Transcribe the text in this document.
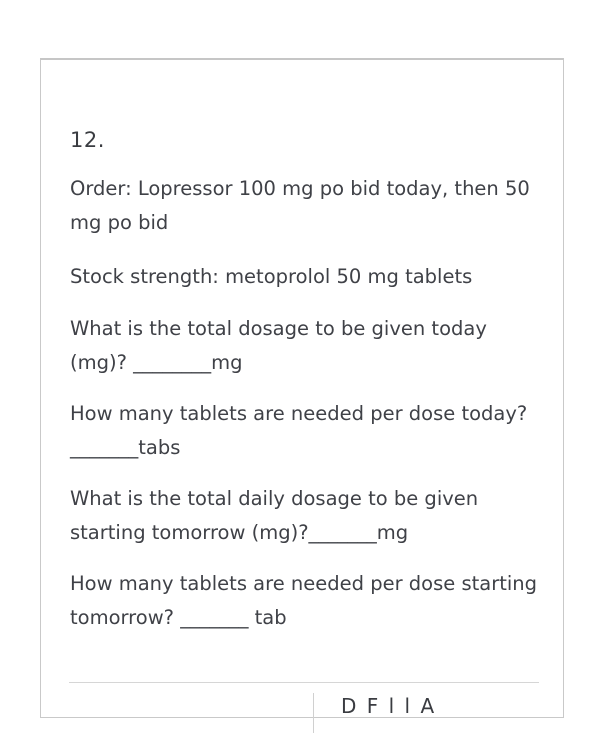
12.
Order: Lopressor 100 mg po bid today, then 50 mg po bid
Stock strength: metoprolol 50 mg tablets
What is the total dosage to be given today (mg)? ________mg
How many tablets are needed per dose today? _______tabs
What is the total daily dosage to be given starting tomorrow (mg)?_______mg
How many tablets are needed per dose starting tomorrow? _______ tab
D F l l A
